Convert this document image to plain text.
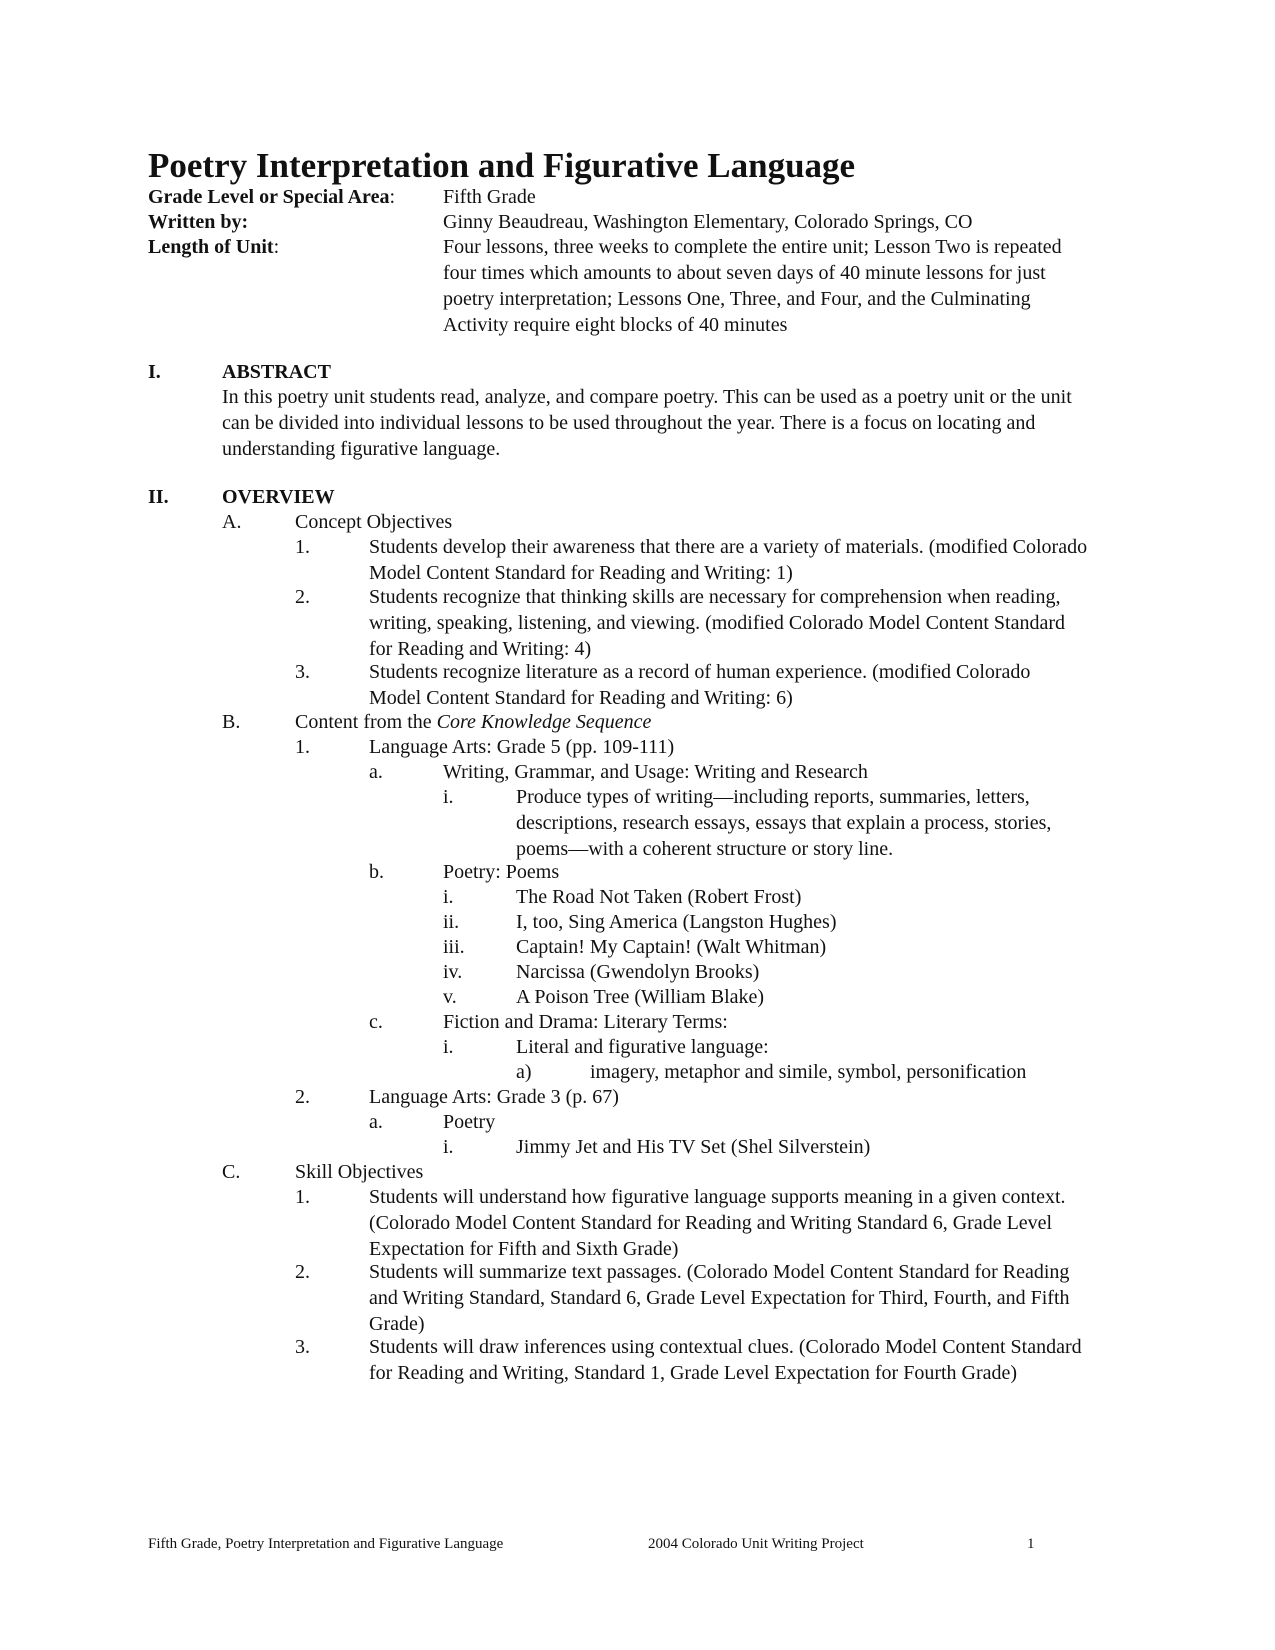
Poetry Interpretation and Figurative Language
Grade Level or Special Area: Fifth Grade
Written by:	Ginny Beaudreau, Washington Elementary, Colorado Springs, CO
Length of Unit:	Four lessons, three weeks to complete the entire unit; Lesson Two is repeated four times which amounts to about seven days of 40 minute lessons for just poetry interpretation; Lessons One, Three, and Four, and the Culminating Activity require eight blocks of 40 minutes
I.	ABSTRACT
In this poetry unit students read, analyze, and compare poetry. This can be used as a poetry unit or the unit can be divided into individual lessons to be used throughout the year. There is a focus on locating and understanding figurative language.
II.	OVERVIEW
A.	Concept Objectives
1.	Students develop their awareness that there are a variety of materials. (modified Colorado Model Content Standard for Reading and Writing: 1)
2.	Students recognize that thinking skills are necessary for comprehension when reading, writing, speaking, listening, and viewing. (modified Colorado Model Content Standard for Reading and Writing: 4)
3.	Students recognize literature as a record of human experience. (modified Colorado Model Content Standard for Reading and Writing: 6)
B.	Content from the Core Knowledge Sequence
1.	Language Arts: Grade 5 (pp. 109-111)
a.	Writing, Grammar, and Usage: Writing and Research
i.	Produce types of writing—including reports, summaries, letters, descriptions, research essays, essays that explain a process, stories, poems—with a coherent structure or story line.
b.	Poetry: Poems
i.	The Road Not Taken (Robert Frost)
ii.	I, too, Sing America (Langston Hughes)
iii.	Captain! My Captain! (Walt Whitman)
iv.	Narcissa (Gwendolyn Brooks)
v.	A Poison Tree (William Blake)
c.	Fiction and Drama: Literary Terms:
i.	Literal and figurative language:
a)	imagery, metaphor and simile, symbol, personification
2.	Language Arts: Grade 3 (p. 67)
a.	Poetry
i.	Jimmy Jet and His TV Set (Shel Silverstein)
C.	Skill Objectives
1.	Students will understand how figurative language supports meaning in a given context. (Colorado Model Content Standard for Reading and Writing Standard 6, Grade Level Expectation for Fifth and Sixth Grade)
2.	Students will summarize text passages. (Colorado Model Content Standard for Reading and Writing Standard, Standard 6, Grade Level Expectation for Third, Fourth, and Fifth Grade)
3.	Students will draw inferences using contextual clues. (Colorado Model Content Standard for Reading and Writing, Standard 1, Grade Level Expectation for Fourth Grade)
Fifth Grade, Poetry Interpretation and Figurative Language	2004 Colorado Unit Writing Project	1
